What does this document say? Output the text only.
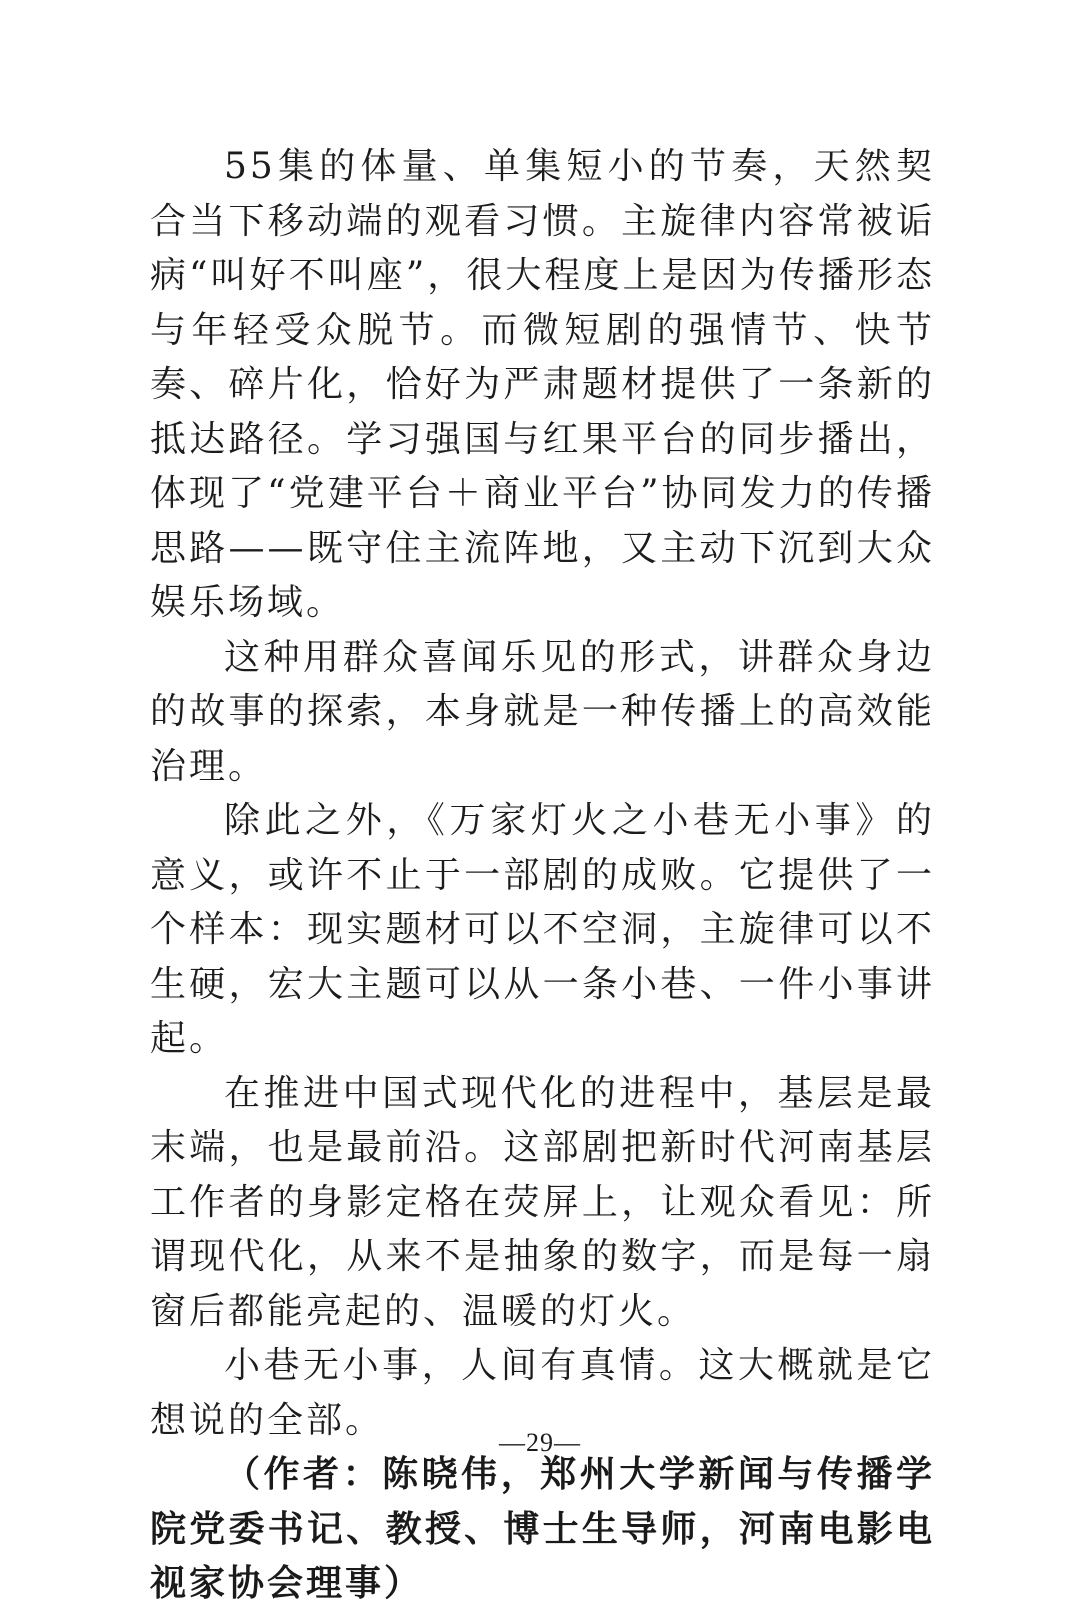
55集的体量、单集短小的节奏，天然契合当下移动端的观看习惯。主旋律内容常被诟病“叫好不叫座”，很大程度上是因为传播形态与年轻受众脱节。而微短剧的强情节、快节奏、碎片化，恰好为严肃题材提供了一条新的抵达路径。学习强国与红果平台的同步播出，体现了“党建平台＋商业平台”协同发力的传播思路——既守住主流阵地，又主动下沉到大众娱乐场域。

这种用群众喜闻乐见的形式，讲群众身边的故事的探索，本身就是一种传播上的高效能治理。

除此之外，《万家灯火之小巷无小事》的意义，或许不止于一部剧的成败。它提供了一个样本：现实题材可以不空洞，主旋律可以不生硬，宏大主题可以从一条小巷、一件小事讲起。

在推进中国式现代化的进程中，基层是最末端，也是最前沿。这部剧把新时代河南基层工作者的身影定格在荧屏上，让观众看见：所谓现代化，从来不是抽象的数字，而是每一扇窗后都能亮起的、温暖的灯火。

小巷无小事，人间有真情。这大概就是它想说的全部。

（作者：陈晓伟，郑州大学新闻与传播学院党委书记、教授、博士生导师，河南电影电视家协会理事）

—29—
